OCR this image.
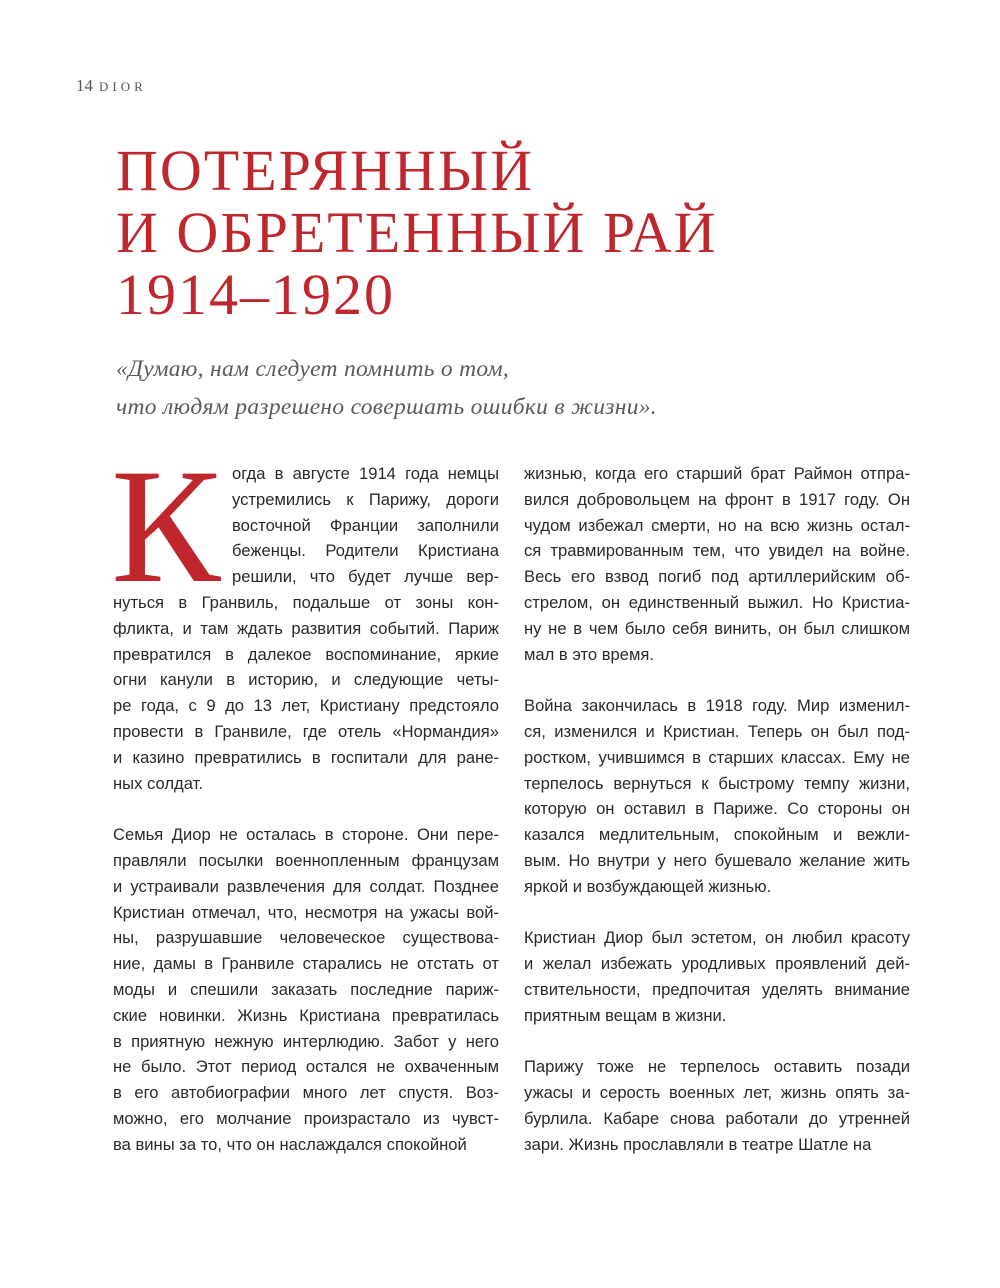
14 DIOR
ПОТЕРЯННЫЙ
И ОБРЕТЕННЫЙ РАЙ
1914–1920
«Думаю, нам следует помнить о том,
что людям разрешено совершать ошибки в жизни».

К огда в августе 1914 года немцы
устремились к Парижу, дороги
восточной Франции заполнили
беженцы. Родители Кристиана
решили, что будет лучше вер-
нуться в Гранвиль, подальше от зоны кон-
фликта, и там ждать развития событий. Париж
превратился в далекое воспоминание, яркие
огни канули в историю, и следующие четы-
ре года, с 9 до 13 лет, Кристиану предстояло
провести в Гранвиле, где отель «Нормандия»
и казино превратились в госпитали для ране-
ных солдат.

Семья Диор не осталась в стороне. Они пере-
правляли посылки военнопленным французам
и устраивали развлечения для солдат. Позднее
Кристиан отмечал, что, несмотря на ужасы вой-
ны, разрушавшие человеческое существова-
ние, дамы в Гранвиле старались не отстать от
моды и спешили заказать последние париж-
ские новинки. Жизнь Кристиана превратилась
в приятную нежную интерлюдию. Забот у него
не было. Этот период остался не охваченным
в его автобиографии много лет спустя. Воз-
можно, его молчание произрастало из чувст-
ва вины за то, что он наслаждался спокойной

жизнью, когда его старший брат Раймон отпра-
вился добровольцем на фронт в 1917 году. Он
чудом избежал смерти, но на всю жизнь остал-
ся травмированным тем, что увидел на войне.
Весь его взвод погиб под артиллерийским об-
стрелом, он единственный выжил. Но Кристиа-
ну не в чем было себя винить, он был слишком
мал в это время.

Война закончилась в 1918 году. Мир изменил-
ся, изменился и Кристиан. Теперь он был под-
ростком, учившимся в старших классах. Ему не
терпелось вернуться к быстрому темпу жизни,
которую он оставил в Париже. Со стороны он
казался медлительным, спокойным и вежли-
вым. Но внутри у него бушевало желание жить
яркой и возбуждающей жизнью.

Кристиан Диор был эстетом, он любил красоту
и желал избежать уродливых проявлений дей-
ствительности, предпочитая уделять внимание
приятным вещам в жизни.

Парижу тоже не терпелось оставить позади
ужасы и серость военных лет, жизнь опять за-
бурлила. Кабаре снова работали до утренней
зари. Жизнь прославляли в театре Шатле на
